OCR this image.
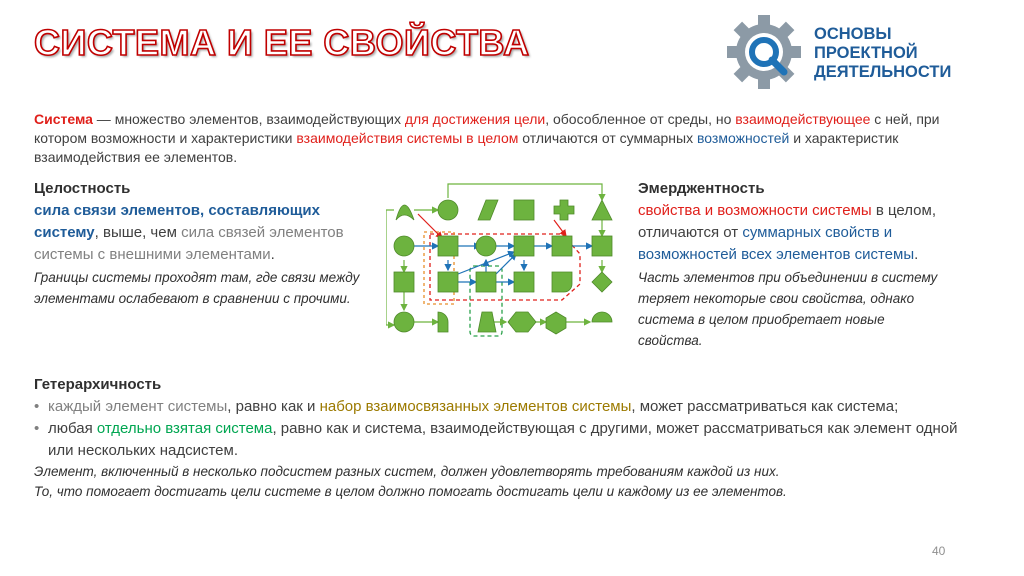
СИСТЕМА И ЕЕ СВОЙСТВА	ОСНОВЫ
ПРОЕКТНОЙ
ДЕЯТЕЛЬНОСТИ
Система — множество элементов, взаимодействующих для достижения цели, обособленное от среды, но взаимодействующее с ней, при котором возможности и характеристики взаимодействия системы в целом отличаются от суммарных возможностей и характеристик взаимодействия ее элементов.
Целостность
сила связи элементов, составляющих систему, выше, чем сила связей элементов системы с внешними элементами.
Границы системы проходят там, где связи между элементами ослабевают в сравнении с прочими.
Эмерджентность
свойства и возможности системы в целом, отличаются от суммарных свойств и возможностей всех элементов системы.
Часть элементов при объединении в систему теряет некоторые свои свойства, однако система в целом приобретает новые свойства.
Гетерархичность
• каждый элемент системы, равно как и набор взаимосвязанных элементов системы, может рассматриваться как система;
• любая отдельно взятая система, равно как и система, взаимодействующая с другими, может рассматриваться как элемент одной или нескольких надсистем.
Элемент, включенный в несколько подсистем разных систем, должен удовлетворять требованиям каждой из них.
То, что помогает достигать цели системе в целом должно помогать достигать цели и каждому из ее элементов.
40
